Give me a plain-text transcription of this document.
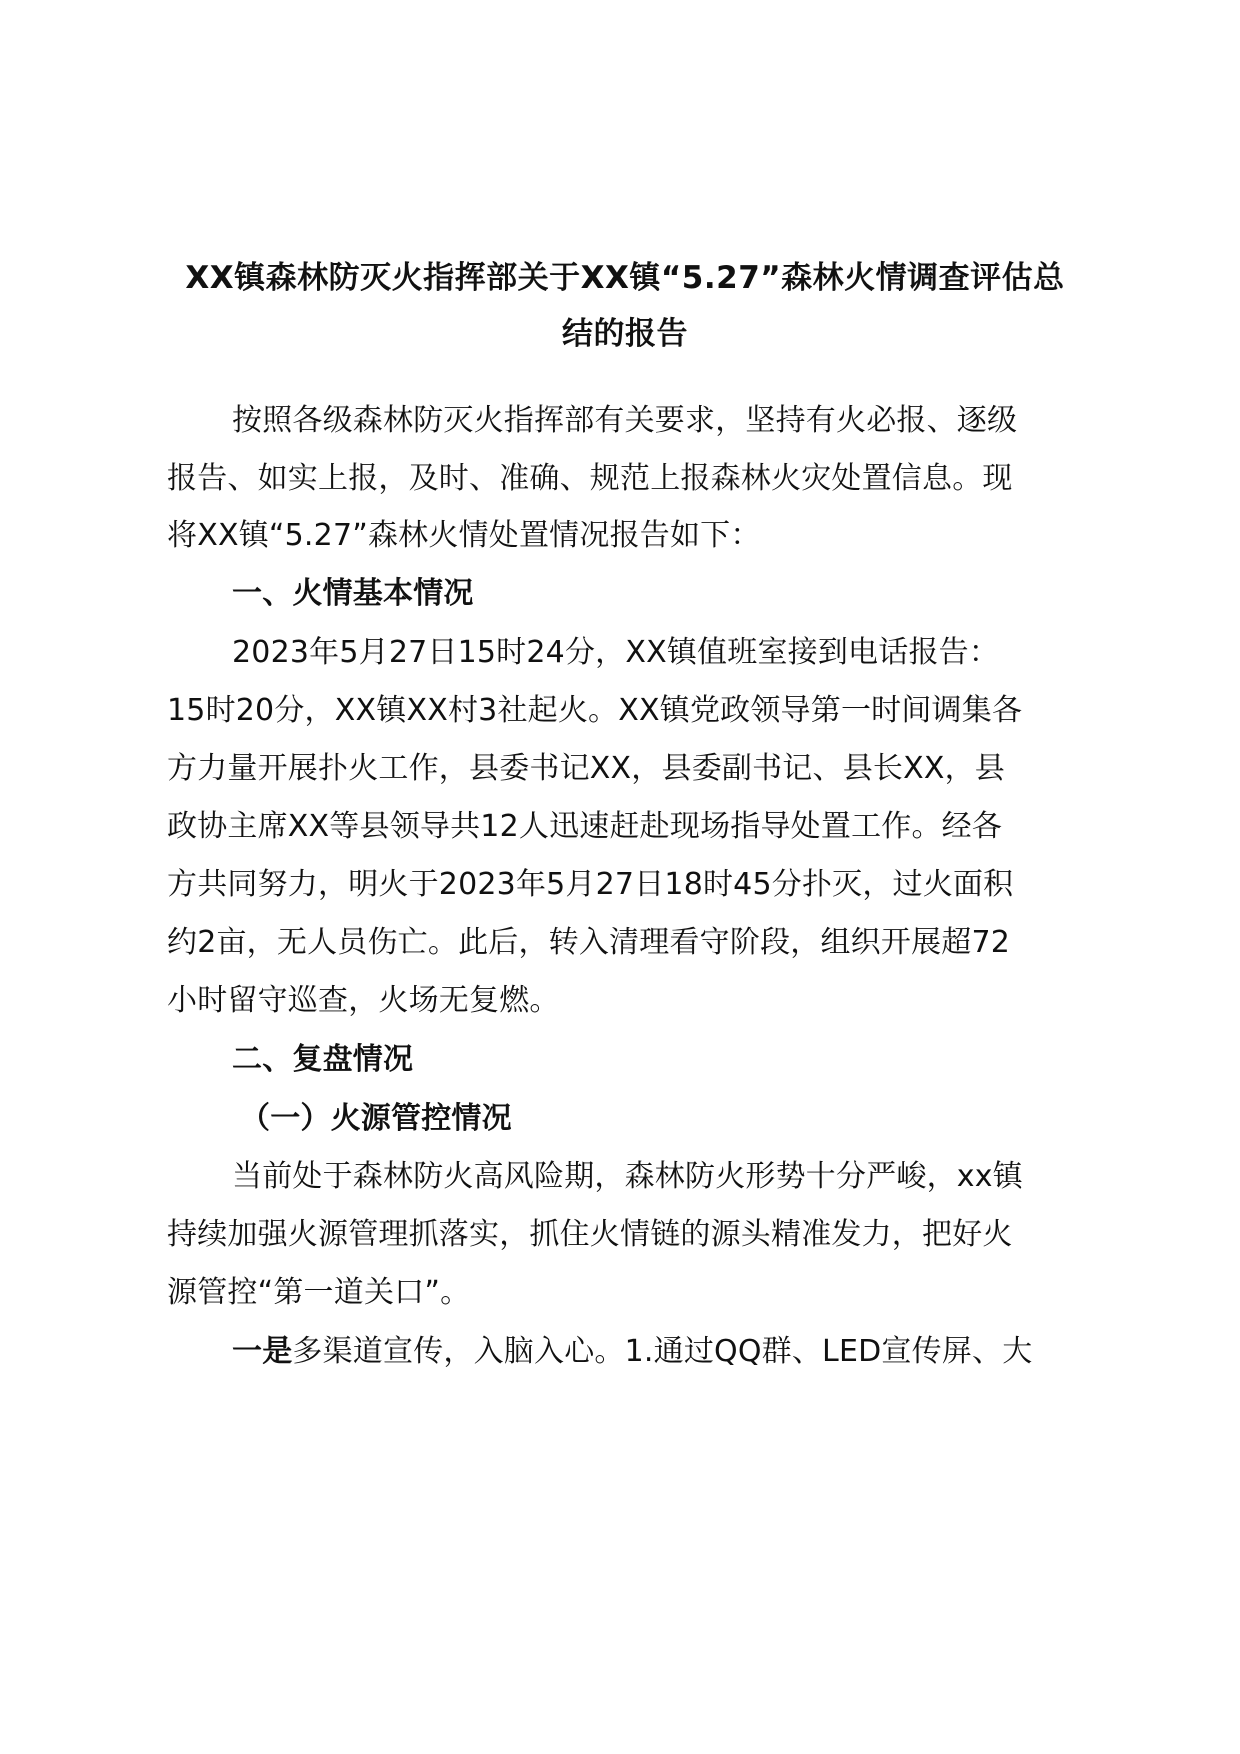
XX镇森林防灭火指挥部关于XX镇“5.27”森林火情调查评估总
结的报告
按照各级森林防灭火指挥部有关要求，坚持有火必报、逐级
报告、如实上报，及时、准确、规范上报森林火灾处置信息。现
将XX镇“5.27”森林火情处置情况报告如下：
一、火情基本情况
2023年5月27日15时24分，XX镇值班室接到电话报告：
15时20分，XX镇XX村3社起火。XX镇党政领导第一时间调集各
方力量开展扑火工作，县委书记XX，县委副书记、县长XX，县
政协主席XX等县领导共12人迅速赶赴现场指导处置工作。经各
方共同努力，明火于2023年5月27日18时45分扑灭，过火面积
约2亩，无人员伤亡。此后，转入清理看守阶段，组织开展超72
小时留守巡查，火场无复燃。
二、复盘情况
（一）火源管控情况
当前处于森林防火高风险期，森林防火形势十分严峻，xx镇
持续加强火源管理抓落实，抓住火情链的源头精准发力，把好火
源管控“第一道关口”。
一是多渠道宣传，入脑入心。1.通过QQ群、LED宣传屏、大
